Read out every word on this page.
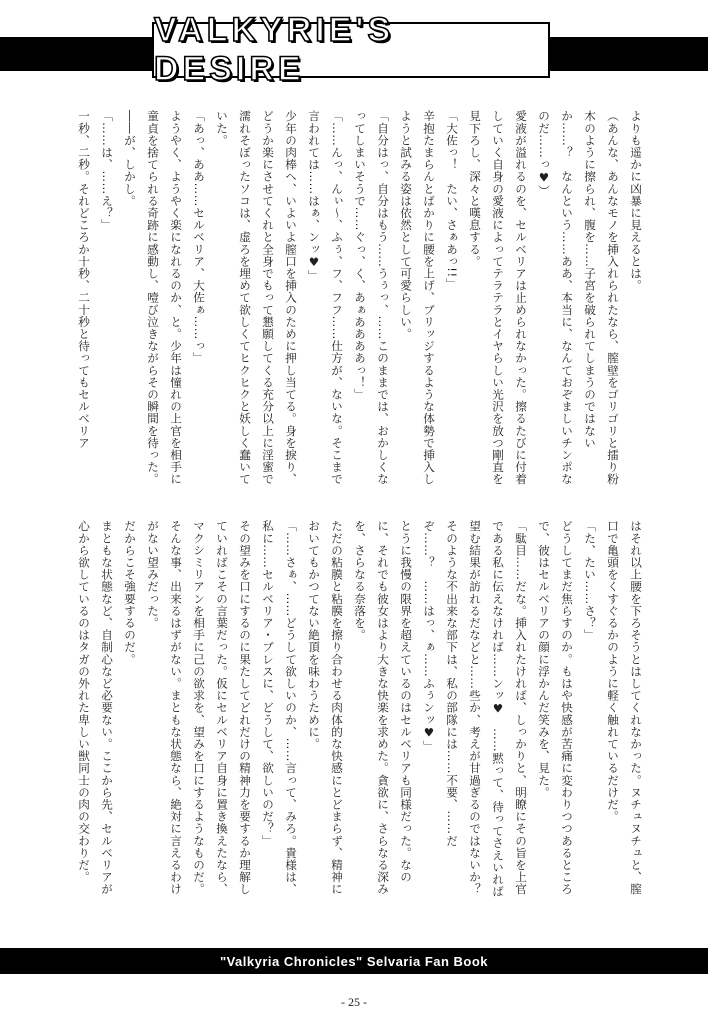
VALKYRIE'S DESIRE
よりも遥かに凶暴に見えるとは。
（あんな、あんなモノを挿入れられたなら、膣壁をゴリゴリと擂り粉木のように擦られ、腹を……子宮を破られてしまうのではないか……？　なんという……ああ、本当に、なんておぞましいチンポなのだ……っ♥）
愛液が溢れるのを、セルベリアは止められなかった。擦るたびに付着していく自身の愛液によってテラテラとイヤらしい光沢を放つ剛直を見下ろし、深々と嘆息する。
「大佐っ！　たい、さぁあっ!!」
辛抱たまらんとばかりに腰を上げ、ブリッジするような体勢で挿入しようと試みる姿は依然として可愛らしい。
「自分はっ、自分はもう……うぅっ、……このままでは、おかしくなってしまいそうで……ぐっ、く、あぁああああっ！」
「……んっ、んぃ～、ふぅ、フ、フフ……仕方が、ないな。そこまで言われては……はぁ、ンッ♥」
少年の肉棒へ、いよいよ膣口を挿入のために押し当てる。身を捩り、どうか楽にさせてくれと全身でもって懇願してくる充分以上に淫蜜で濡れそぼったソコは、虚ろを埋めて欲しくてヒクヒクと妖しく蠢いていた。
「あっ、ああ……セルベリア、大佐ぁ……っ」
ようやく、ようやく楽になれるのか、と。少年は憧れの上官を相手に童貞を捨てられる奇跡に感動し、噎び泣きながらその瞬間を待った。
――が、しかし。
「……は、……え？」
一秒、二秒。それどころか十秒、二十秒と待ってもセルベリア
はそれ以上腰を下ろそうとはしてくれなかった。ヌチュヌチュと、膣口で亀頭をくすぐるかのように軽く触れているだけだ。
「た、たい……さ？」
どうしてまだ焦らすのか。もはや快感が苦痛に変わりつつあるところで、彼はセルベリアの顔に浮かんだ笑みを、見た。
「駄目……だな。挿入れたければ、しっかりと、明瞭にその旨を上官である私に伝えなければ……ンッ♥　……黙って、待ってさえいれば望む結果が訪れるだなどと……些か、考えが甘過ぎるのではないか？　そのような不出来な部下は、私の部隊には……不要、……だぞ……？　……はっ、ぁ……ふぅンッ♥」
とうに我慢の限界を超えているのはセルベリアも同様だった。なのに、それでも彼女はより大きな快楽を求めた。貪欲に、さらなる深みを、さらなる奈落を。
ただの粘膜と粘膜を擦り合わせる肉体的な快感にとどまらず、精神においてもかつてない絶頂を味わうために。
「……さぁ、……どうして欲しいのか、……言って、みろ。貴様は、私に……セルベリア・ブレスに、どうして、欲しいのだ？」
その望みを口にするのに果たしてどれだけの精神力を要するか理解していればこその言葉だった。仮にセルベリア自身に置き換えたなら、マクシミリアンを相手に己の欲求を、望みを口にするようなものだ。そんな事、出来るはずがない。まともな状態なら、絶対に言えるわけがない望みだった。
だからこそ強要するのだ。
まともな状態など、自制心など必要ない。ここから先、セルベリアが心から欲しているのはタガの外れた卑しい獣同士の肉の交わりだ。
"Valkyria Chronicles" Selvaria Fan Book
- 25 -
